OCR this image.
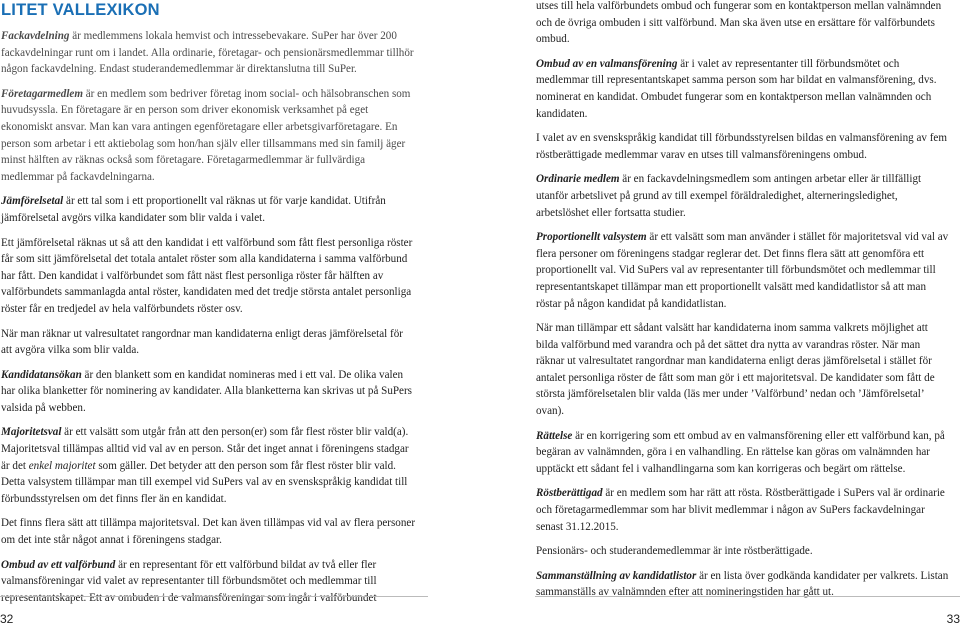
LITET VALLEXIKON

Fackavdelning är medlemmens lokala hemvist och intressebevakare. SuPer har över 200 fackavdelningar runt om i landet. Alla ordinarie, företagar- och pensionärsmedlemmar tillhör någon fackavdelning. Endast studerandemedlemmar är direktanslutna till SuPer.

Företagarmedlem är en medlem som bedriver företag inom social- och hälsobranschen som huvudsyssla. En företagare är en person som driver ekonomisk verksamhet på eget ekonomiskt ansvar. Man kan vara antingen egenföretagare eller arbetsgivarföretagare. En person som arbetar i ett aktiebolag som hon/han själv eller tillsammans med sin familj äger minst hälften av räknas också som företagare. Företagarmedlemmar är fullvärdiga medlemmar på fackavdelningarna.

Jämförelsetal är ett tal som i ett proportionellt val räknas ut för varje kandidat. Utifrån jämförelsetal avgörs vilka kandidater som blir valda i valet.

Ett jämförelsetal räknas ut så att den kandidat i ett valförbund som fått flest personliga röster får som sitt jämförelsetal det totala antalet röster som alla kandidaterna i samma valförbund har fått. Den kandidat i valförbundet som fått näst flest personliga röster får hälften av valförbundets sammanlagda antal röster, kandidaten med det tredje största antalet personliga röster får en tredjedel av hela valförbundets röster osv.

När man räknar ut valresultatet rangordnar man kandidaterna enligt deras jämförelsetal för att avgöra vilka som blir valda.

Kandidatansökan är den blankett som en kandidat nomineras med i ett val. De olika valen har olika blanketter för nominering av kandidater. Alla blanketterna kan skrivas ut på SuPers valsida på webben.

Majoritetsval är ett valsätt som utgår från att den person(er) som får flest röster blir vald(a). Majoritetsval tillämpas alltid vid val av en person. Står det inget annat i föreningens stadgar är det enkel majoritet som gäller. Det betyder att den person som får flest röster blir vald. Detta valsystem tillämpar man till exempel vid SuPers val av en svenskspråkig kandidat till förbundsstyrelsen om det finns fler än en kandidat.

Det finns flera sätt att tillämpa majoritetsval. Det kan även tillämpas vid val av flera personer om det inte står något annat i föreningens stadgar.

Ombud av ett valförbund är en representant för ett valförbund bildat av två eller fler valmansföreningar vid valet av representanter till förbundsmötet och medlemmar till representantskapet. Ett av ombuden i de valmansföreningar som ingår i valförbundet

utses till hela valförbundets ombud och fungerar som en kontaktperson mellan valnämnden och de övriga ombuden i sitt valförbund. Man ska även utse en ersättare för valförbundets ombud.

Ombud av en valmansförening är i valet av representanter till förbundsmötet och medlemmar till representantskapet samma person som har bildat en valmansförening, dvs. nominerat en kandidat. Ombudet fungerar som en kontaktperson mellan valnämnden och kandidaten.

I valet av en svenskspråkig kandidat till förbundsstyrelsen bildas en valmansförening av fem röstberättigade medlemmar varav en utses till valmansföreningens ombud.

Ordinarie medlem är en fackavdelningsmedlem som antingen arbetar eller är tillfälligt utanför arbetslivet på grund av till exempel föräldraledighet, alterneringsledighet, arbetslöshet eller fortsatta studier.

Proportionellt valsystem är ett valsätt som man använder i stället för majoritetsval vid val av flera personer om föreningens stadgar reglerar det. Det finns flera sätt att genomföra ett proportionellt val. Vid SuPers val av representanter till förbundsmötet och medlemmar till representantskapet tillämpar man ett proportionellt valsätt med kandidatlistor så att man röstar på någon kandidat på kandidatlistan.

När man tillämpar ett sådant valsätt har kandidaterna inom samma valkrets möjlighet att bilda valförbund med varandra och på det sättet dra nytta av varandras röster. När man räknar ut valresultatet rangordnar man kandidaterna enligt deras jämförelsetal i stället för antalet personliga röster de fått som man gör i ett majoritetsval. De kandidater som fått de största jämförelsetalen blir valda (läs mer under ’Valförbund’ nedan och ’Jämförelsetal’ ovan).

Rättelse är en korrigering som ett ombud av en valmansförening eller ett valförbund kan, på begäran av valnämnden, göra i en valhandling. En rättelse kan göras om valnämnden har upptäckt ett sådant fel i valhandlingarna som kan korrigeras och begärt om rättelse.

Röstberättigad är en medlem som har rätt att rösta. Röstberättigade i SuPers val är ordinarie och företagarmedlemmar som har blivit medlemmar i någon av SuPers fackavdelningar senast 31.12.2015.

Pensionärs- och studerandemedlemmar är inte röstberättigade.

Sammanställning av kandidatlistor är en lista över godkända kandidater per valkrets. Listan sammanställs av valnämnden efter att nomineringstiden har gått ut.

32	33
